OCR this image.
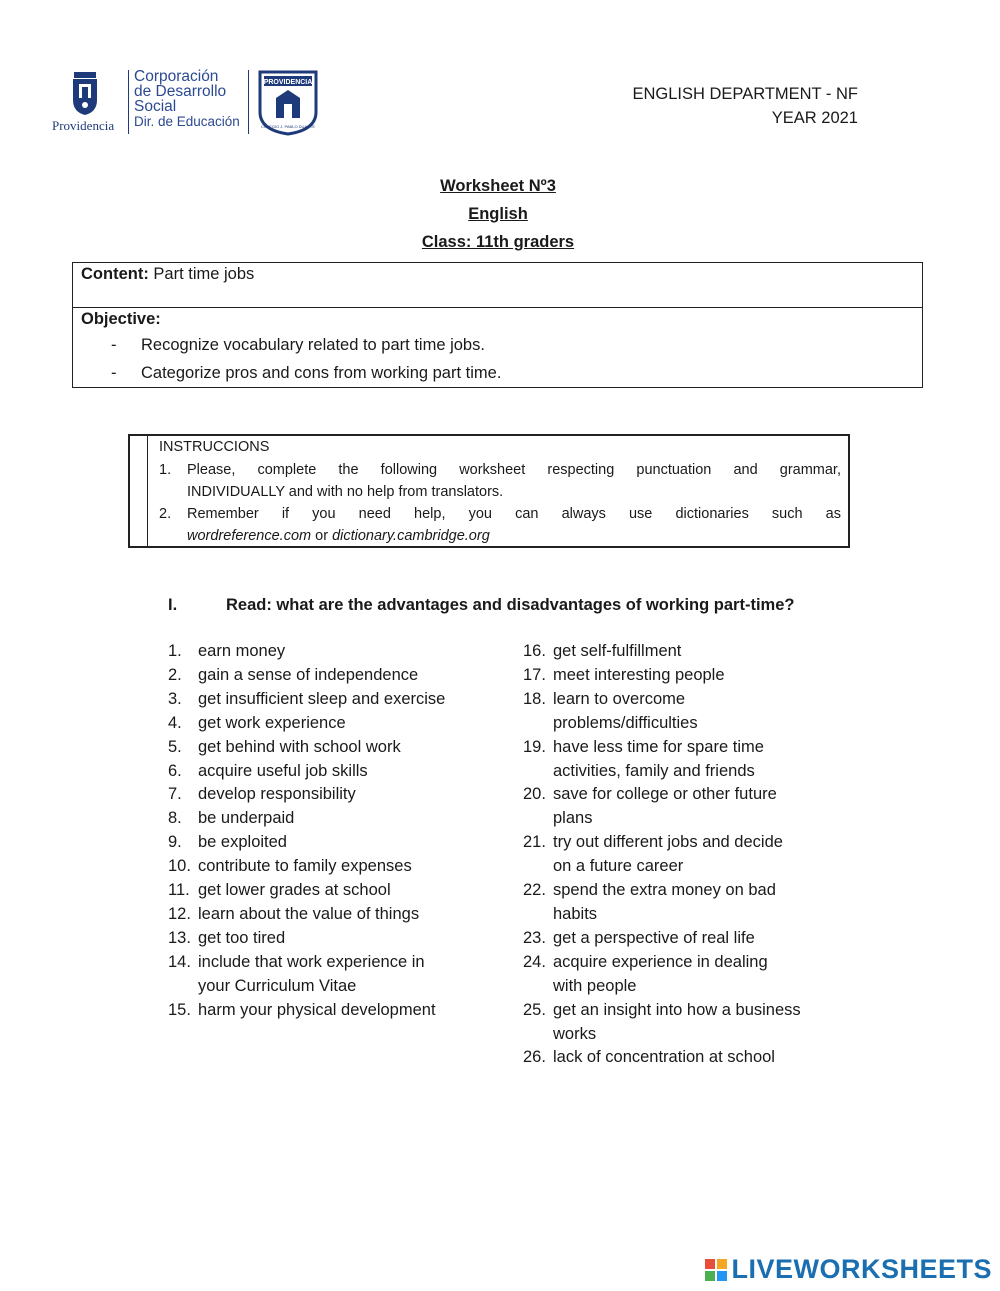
Providencia
Corporación
de Desarrollo
Social
Dir. de Educación
PROVIDENCIA
COLEGIO J. PABLO DUARTE
ENGLISH DEPARTMENT - NF
YEAR 2021
Worksheet Nº3
English
Class: 11th graders
Content: Part time jobs
Objective:
- Recognize vocabulary related to part time jobs.
- Categorize pros and cons from working part time.
INSTRUCCIONS
1. Please, complete the following worksheet respecting punctuation and grammar,
INDIVIDUALLY and with no help from translators.
2. Remember if you need help, you can always use dictionaries such as
wordreference.com or dictionary.cambridge.org
I.	Read: what are the advantages and disadvantages of working part-time?
1. earn money
2. gain a sense of independence
3. get insufficient sleep and exercise
4. get work experience
5. get behind with school work
6. acquire useful job skills
7. develop responsibility
8. be underpaid
9. be exploited
10. contribute to family expenses
11. get lower grades at school
12. learn about the value of things
13. get too tired
14. include that work experience in
your Curriculum Vitae
15. harm your physical development
16. get self-fulfillment
17. meet interesting people
18. learn to overcome
problems/difficulties
19. have less time for spare time
activities, family and friends
20. save for college or other future
plans
21. try out different jobs and decide
on a future career
22. spend the extra money on bad
habits
23. get a perspective of real life
24. acquire experience in dealing
with people
25. get an insight into how a business
works
26. lack of concentration at school
LIVEWORKSHEETS
